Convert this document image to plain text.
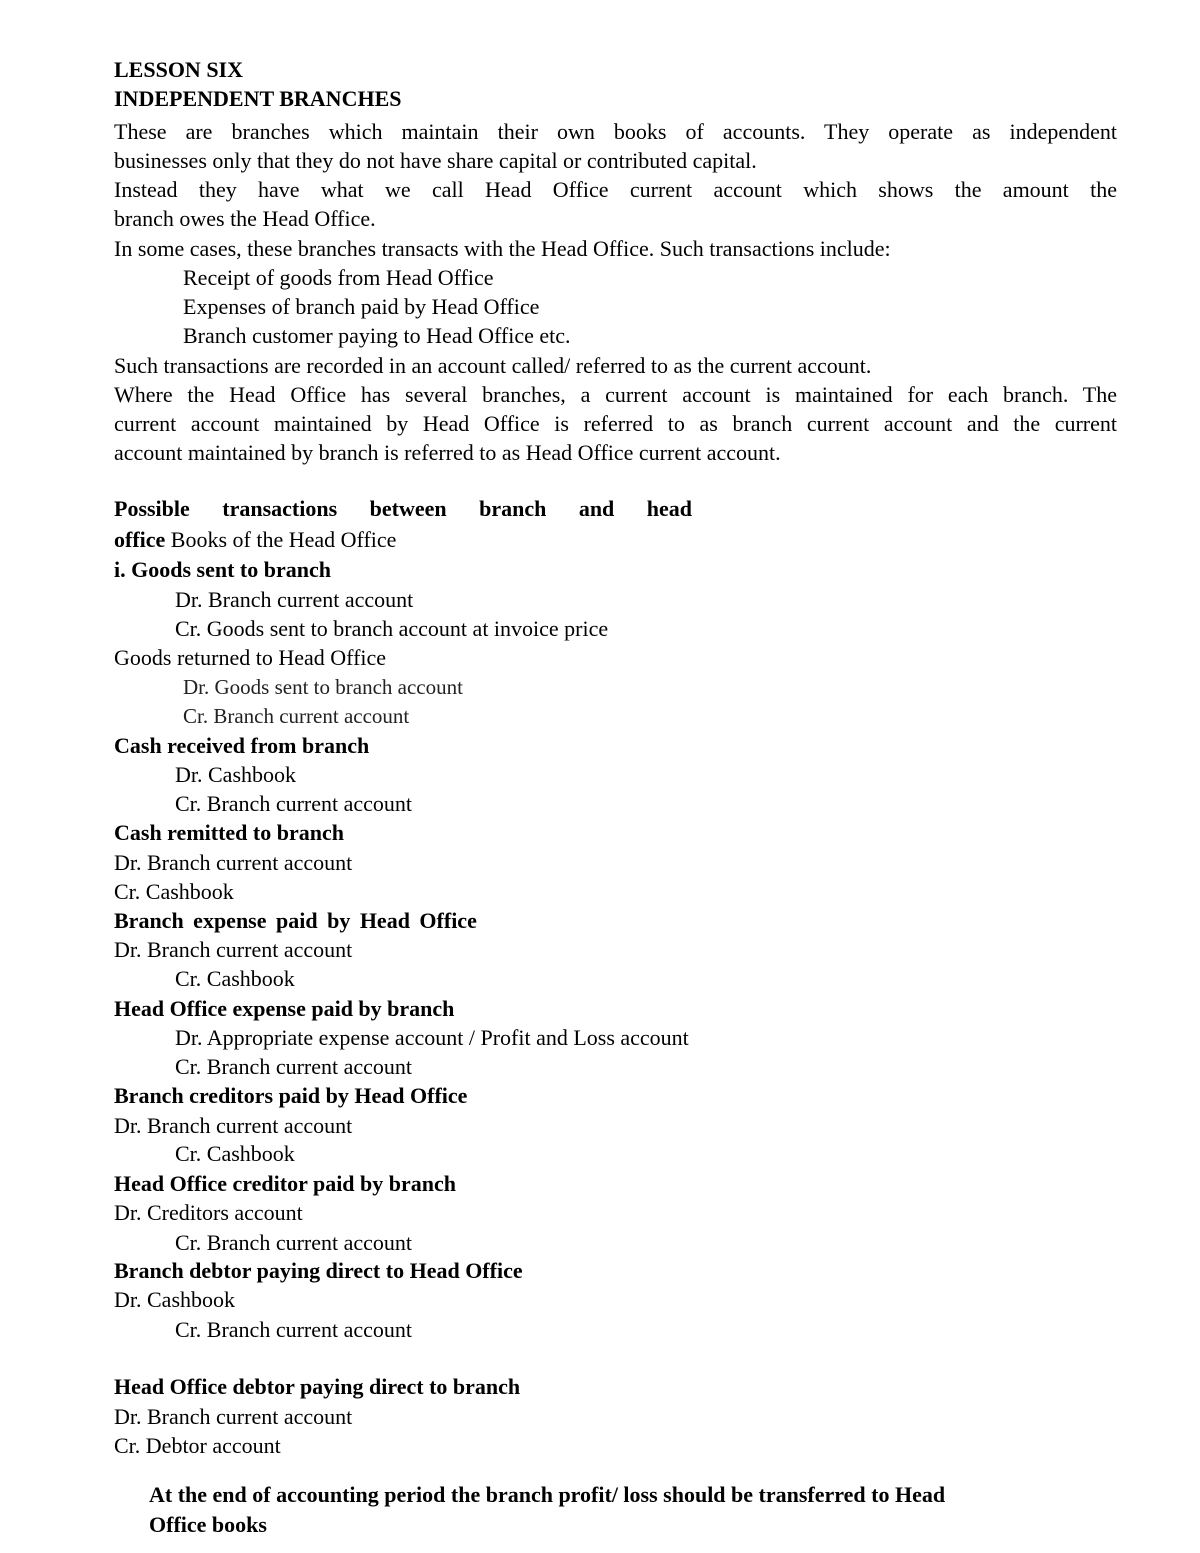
LESSON SIX
INDEPENDENT BRANCHES
These are branches which maintain their own books of accounts. They operate as independent
businesses only that they do not have share capital or contributed capital.
Instead they have what we call Head Office current account which shows the amount the
branch owes the Head Office.
In some cases, these branches transacts with the Head Office. Such transactions include:
Receipt of goods from Head Office
Expenses of branch paid by Head Office
Branch customer paying to Head Office etc.
Such transactions are recorded in an account called/ referred to as the current account.
Where the Head Office has several branches, a current account is maintained for each branch. The
current account maintained by Head Office is referred to as branch current account and the current
account maintained by branch is referred to as Head Office current account.
Possible transactions between branch and head
office Books of the Head Office
i. Goods sent to branch
Dr. Branch current account
Cr. Goods sent to branch account at invoice price
Goods returned to Head Office
Dr. Goods sent to branch account
Cr. Branch current account
Cash received from branch
Dr. Cashbook
Cr. Branch current account
Cash remitted to branch
Dr. Branch current account
Cr. Cashbook
Branch expense paid by Head Office
Dr. Branch current account
Cr. Cashbook
Head Office expense paid by branch
Dr. Appropriate expense account / Profit and Loss account
Cr. Branch current account
Branch creditors paid by Head Office
Dr. Branch current account
Cr. Cashbook
Head Office creditor paid by branch
Dr. Creditors account
Cr. Branch current account
Branch debtor paying direct to Head Office
Dr. Cashbook
Cr. Branch current account
Head Office debtor paying direct to branch
Dr. Branch current account
Cr. Debtor account
At the end of accounting period the branch profit/ loss should be transferred to Head
Office books
